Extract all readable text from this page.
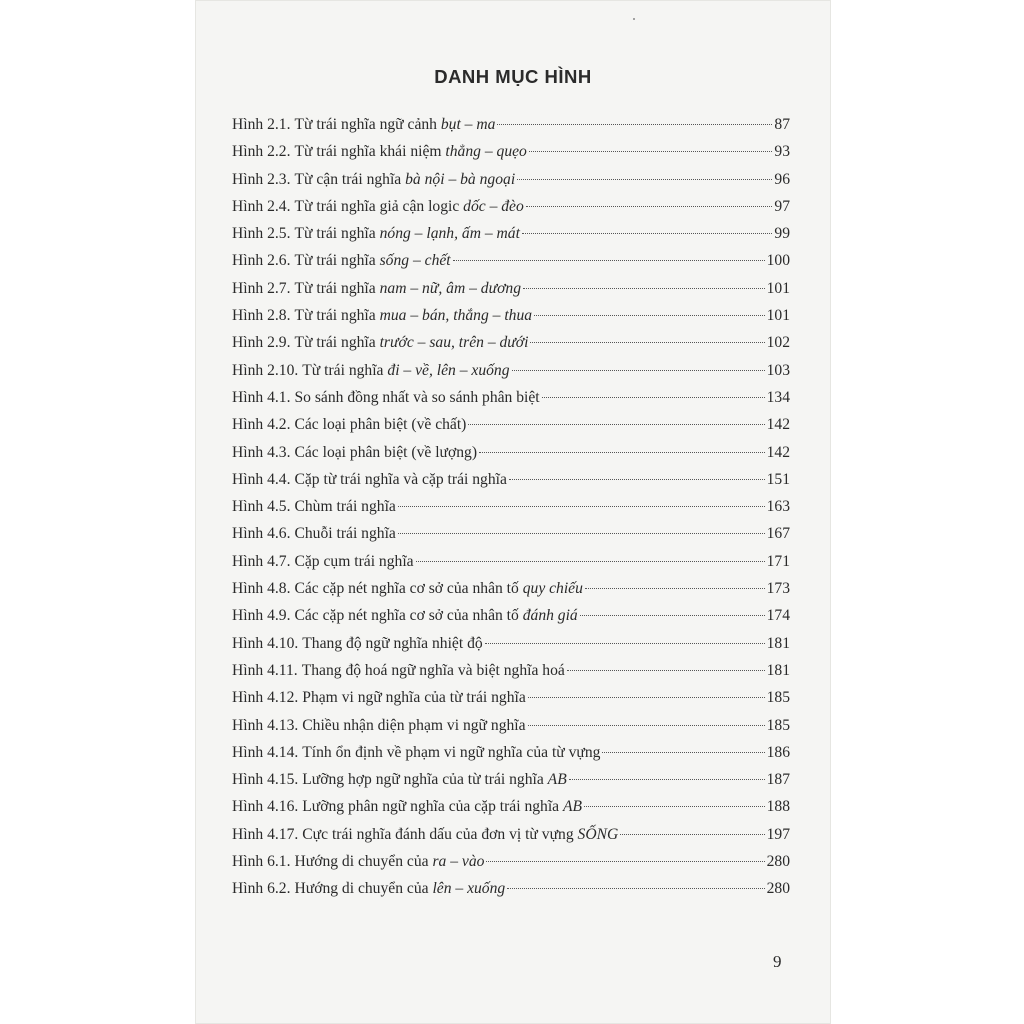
DANH MỤC HÌNH
Hình 2.1. Từ trái nghĩa ngữ cảnh bụt – ma	87
Hình 2.2. Từ trái nghĩa khái niệm thẳng – quẹo	93
Hình 2.3. Từ cận trái nghĩa bà nội – bà ngoại	96
Hình 2.4. Từ trái nghĩa giả cận logic dốc – đèo	97
Hình 2.5. Từ trái nghĩa nóng – lạnh, ấm – mát	99
Hình 2.6. Từ trái nghĩa sống – chết	100
Hình 2.7. Từ trái nghĩa nam – nữ, âm – dương	101
Hình 2.8. Từ trái nghĩa mua – bán, thắng – thua	101
Hình 2.9. Từ trái nghĩa trước – sau, trên – dưới	102
Hình 2.10. Từ trái nghĩa đi – về, lên – xuống	103
Hình 4.1. So sánh đồng nhất và so sánh phân biệt	134
Hình 4.2. Các loại phân biệt (về chất)	142
Hình 4.3. Các loại phân biệt (về lượng)	142
Hình 4.4. Cặp từ trái nghĩa và cặp trái nghĩa	151
Hình 4.5. Chùm trái nghĩa	163
Hình 4.6. Chuỗi trái nghĩa	167
Hình 4.7. Cặp cụm trái nghĩa	171
Hình 4.8. Các cặp nét nghĩa cơ sở của nhân tố quy chiếu	173
Hình 4.9. Các cặp nét nghĩa cơ sở của nhân tố đánh giá	174
Hình 4.10. Thang độ ngữ nghĩa nhiệt độ	181
Hình 4.11. Thang độ hoá ngữ nghĩa và biệt nghĩa hoá	181
Hình 4.12. Phạm vi ngữ nghĩa của từ trái nghĩa	185
Hình 4.13. Chiều nhận diện phạm vi ngữ nghĩa	185
Hình 4.14. Tính ổn định về phạm vi ngữ nghĩa của từ vựng	186
Hình 4.15. Lưỡng hợp ngữ nghĩa của từ trái nghĩa AB	187
Hình 4.16. Lưỡng phân ngữ nghĩa của cặp trái nghĩa AB	188
Hình 4.17. Cực trái nghĩa đánh dấu của đơn vị từ vựng SỐNG	197
Hình 6.1. Hướng di chuyển của ra – vào	280
Hình 6.2. Hướng di chuyển của lên – xuống	280
9
